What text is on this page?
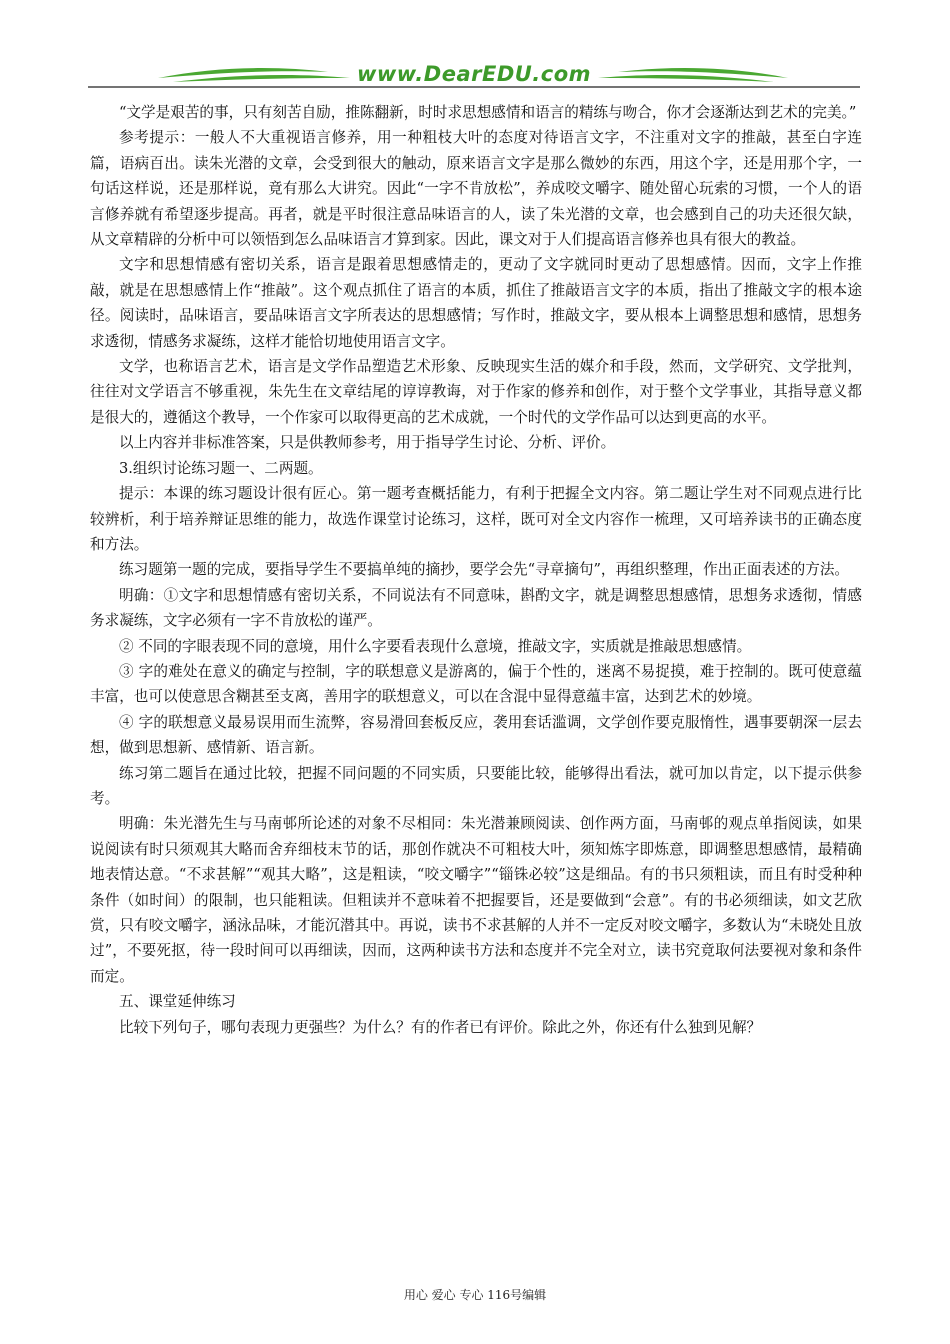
www.DearEDU.com

“文学是艰苦的事，只有刻苦自励，推陈翻新，时时求思想感情和语言的精练与吻合，你才会逐渐达到艺术的完美。”

参考提示：一般人不大重视语言修养，用一种粗枝大叶的态度对待语言文字，不注重对文字的推敲，甚至白字连篇，语病百出。读朱光潜的文章，会受到很大的触动，原来语言文字是那么微妙的东西，用这个字，还是用那个字，一句话这样说，还是那样说，竟有那么大讲究。因此“一字不肯放松”，养成咬文嚼字、随处留心玩索的习惯，一个人的语言修养就有希望逐步提高。再者，就是平时很注意品味语言的人，读了朱光潜的文章，也会感到自己的功夫还很欠缺，从文章精辟的分析中可以领悟到怎么品味语言才算到家。因此，课文对于人们提高语言修养也具有很大的教益。

文字和思想情感有密切关系，语言是跟着思想感情走的，更动了文字就同时更动了思想感情。因而，文字上作推敲，就是在思想感情上作“推敲”。这个观点抓住了语言的本质，抓住了推敲语言文字的本质，指出了推敲文字的根本途径。阅读时，品味语言，要品味语言文字所表达的思想感情；写作时，推敲文字，要从根本上调整思想和感情，思想务求透彻，情感务求凝练，这样才能恰切地使用语言文字。

文学，也称语言艺术，语言是文学作品塑造艺术形象、反映现实生活的媒介和手段，然而，文学研究、文学批判，往往对文学语言不够重视，朱先生在文章结尾的谆谆教诲，对于作家的修养和创作，对于整个文学事业，其指导意义都是很大的，遵循这个教导，一个作家可以取得更高的艺术成就，一个时代的文学作品可以达到更高的水平。

以上内容并非标准答案，只是供教师参考，用于指导学生讨论、分析、评价。

3.组织讨论练习题一、二两题。

提示：本课的练习题设计很有匠心。第一题考查概括能力，有利于把握全文内容。第二题让学生对不同观点进行比较辨析，利于培养辩证思维的能力，故选作课堂讨论练习，这样，既可对全文内容作一梳理，又可培养读书的正确态度和方法。

练习题第一题的完成，要指导学生不要搞单纯的摘抄，要学会先“寻章摘句”，再组织整理，作出正面表述的方法。

明确：①文字和思想情感有密切关系，不同说法有不同意味，斟酌文字，就是调整思想感情，思想务求透彻，情感务求凝练，文字必须有一字不肯放松的谨严。

② 不同的字眼表现不同的意境，用什么字要看表现什么意境，推敲文字，实质就是推敲思想感情。

③ 字的难处在意义的确定与控制，字的联想意义是游离的，偏于个性的，迷离不易捉摸，难于控制的。既可使意蕴丰富，也可以使意思含糊甚至支离，善用字的联想意义，可以在含混中显得意蕴丰富，达到艺术的妙境。

④ 字的联想意义最易误用而生流弊，容易滑回套板反应，袭用套话滥调，文学创作要克服惰性，遇事要朝深一层去想，做到思想新、感情新、语言新。

练习第二题旨在通过比较，把握不同问题的不同实质，只要能比较，能够得出看法，就可加以肯定，以下提示供参考。

明确：朱光潜先生与马南邨所论述的对象不尽相同：朱光潜兼顾阅读、创作两方面，马南邨的观点单指阅读，如果说阅读有时只须观其大略而舍弃细枝末节的话，那创作就决不可粗枝大叶，须知炼字即炼意，即调整思想感情，最精确地表情达意。“不求甚解”“观其大略”，这是粗读，“咬文嚼字”“锱铢必较”这是细品。有的书只须粗读，而且有时受种种条件（如时间）的限制，也只能粗读。但粗读并不意味着不把握要旨，还是要做到“会意”。有的书必须细读，如文艺欣赏，只有咬文嚼字，涵泳品味，才能沉潜其中。再说，读书不求甚解的人并不一定反对咬文嚼字，多数认为“未晓处且放过”，不要死抠，待一段时间可以再细读，因而，这两种读书方法和态度并不完全对立，读书究竟取何法要视对象和条件而定。

五、课堂延伸练习

比较下列句子，哪句表现力更强些？为什么？有的作者已有评价。除此之外，你还有什么独到见解？

用心 爱心 专心 116号编辑
